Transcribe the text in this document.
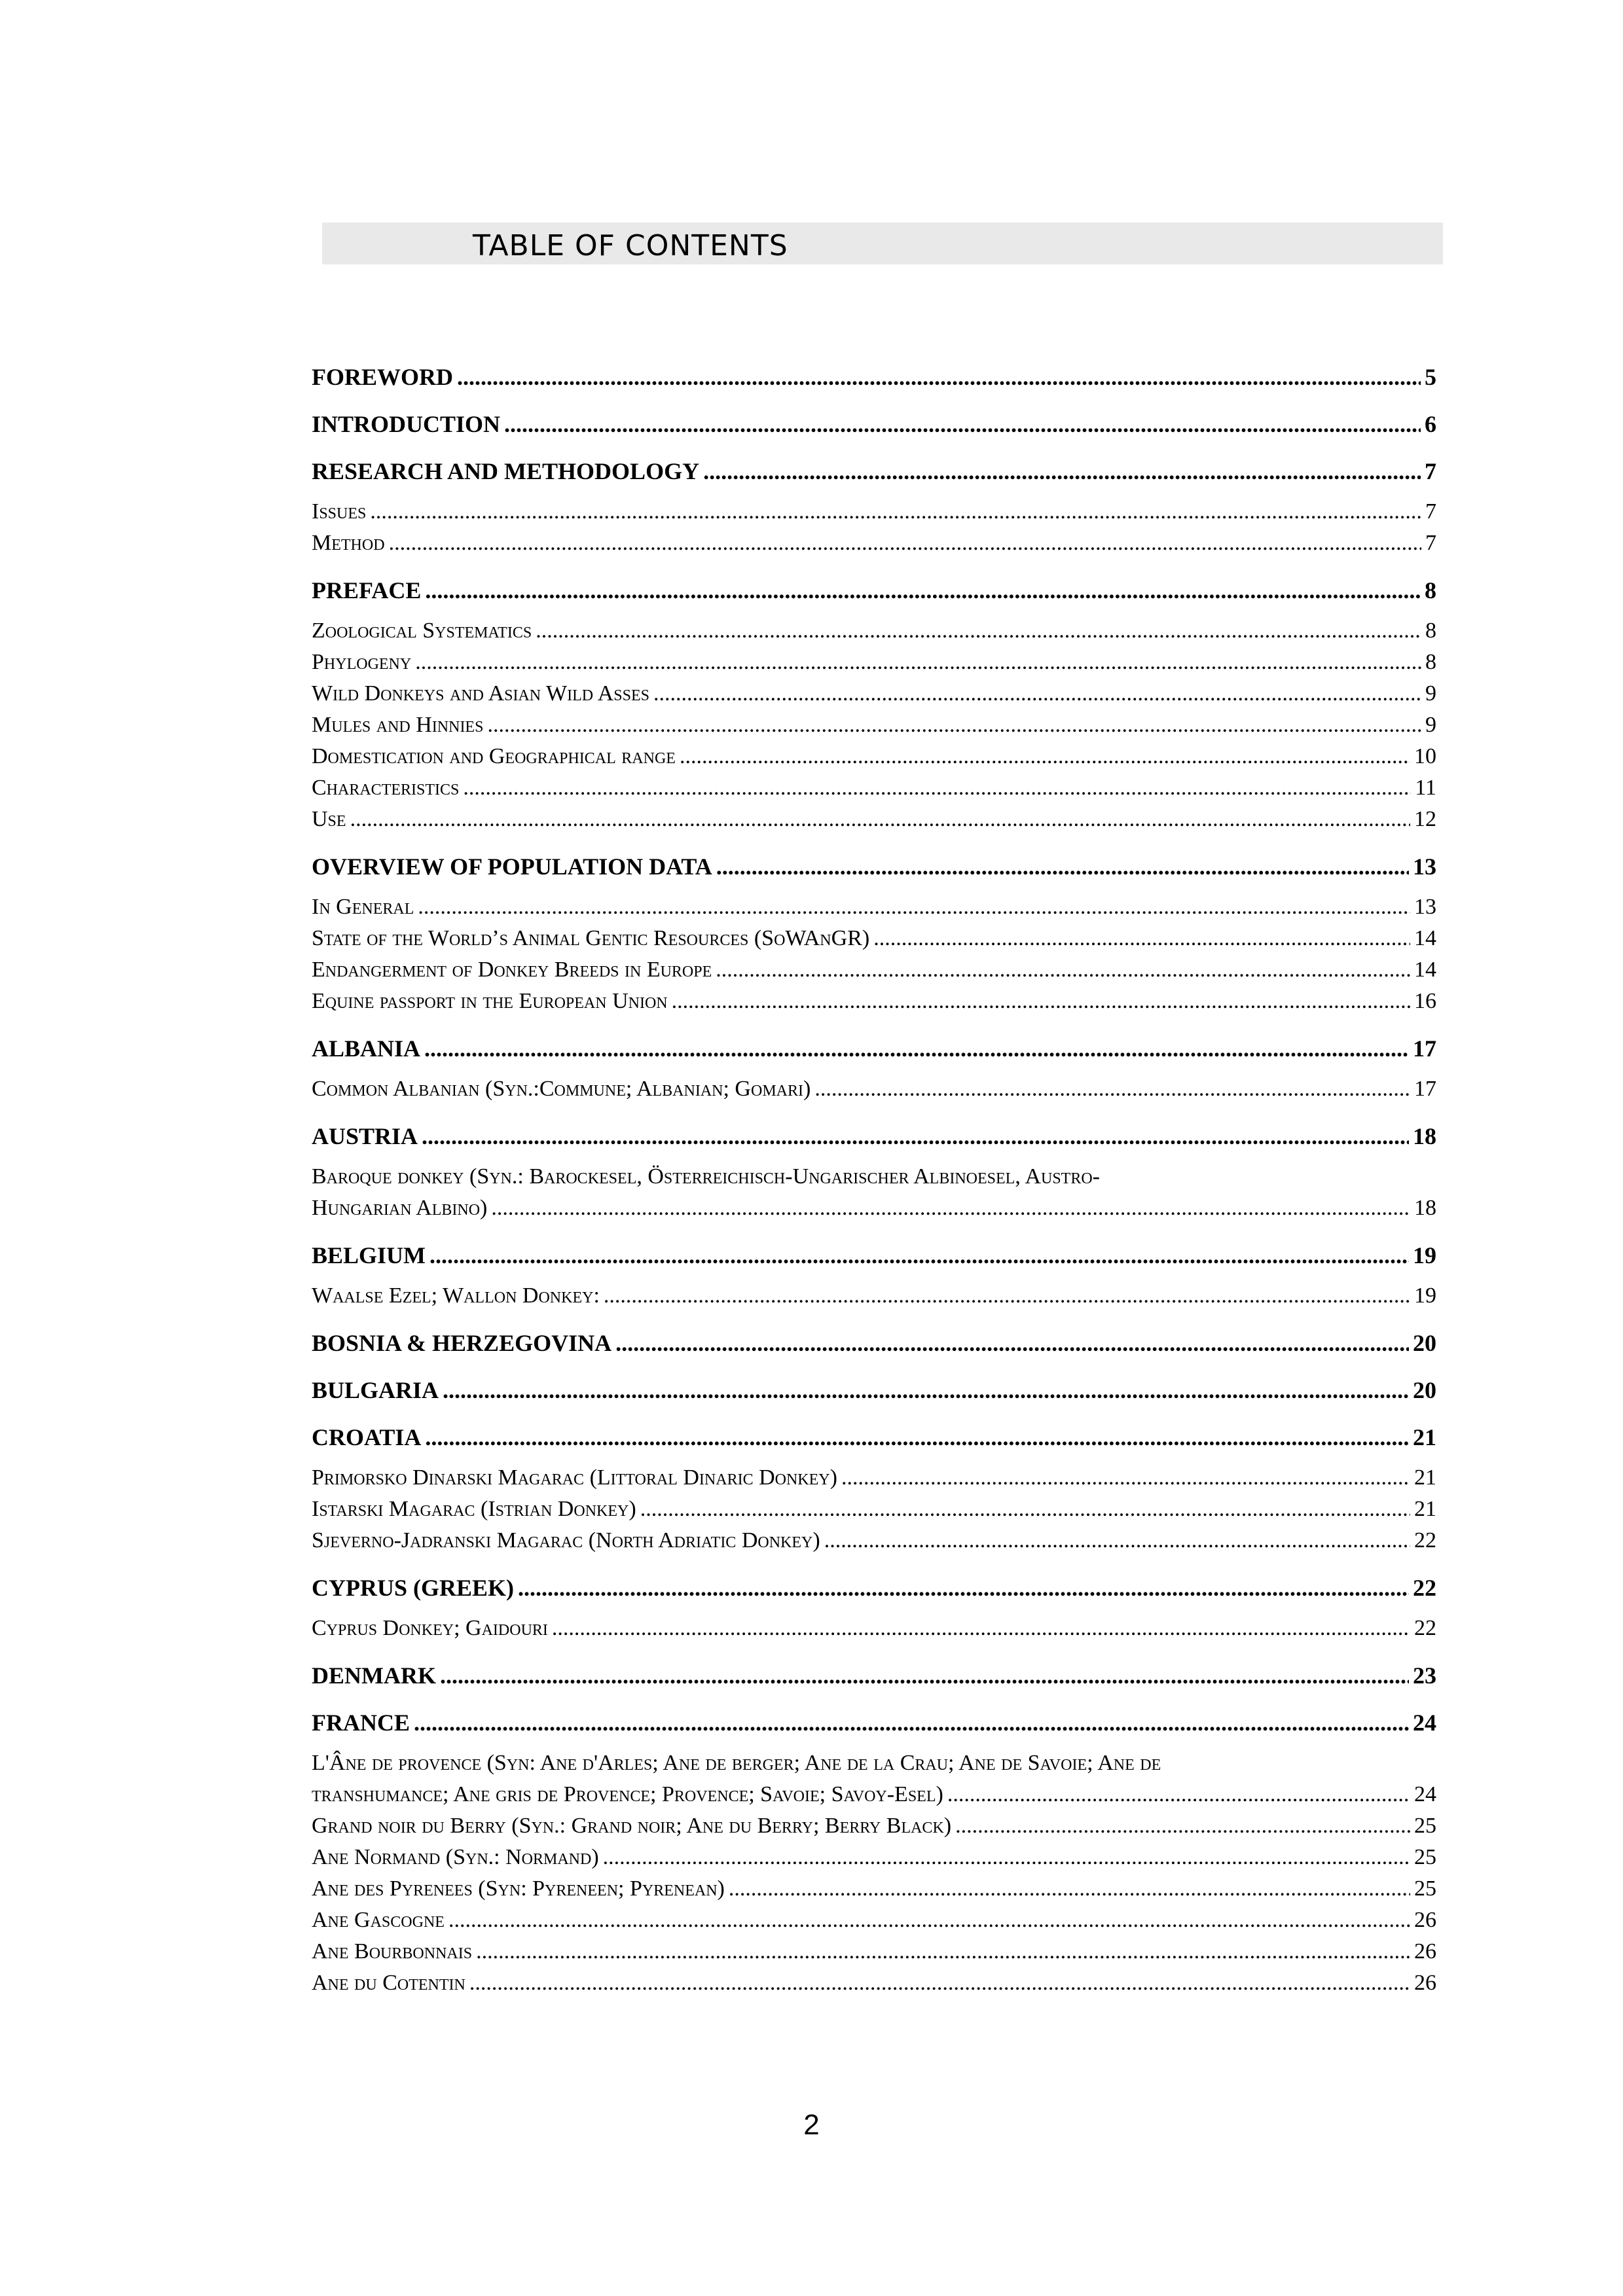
TABLE OF CONTENTS
FOREWORD .....	5
INTRODUCTION .....	6
RESEARCH AND METHODOLOGY .....	7
Issues .....	7
Method .....	7
PREFACE .....	8
Zoological Systematics .....	8
Phylogeny .....	8
Wild Donkeys and Asian Wild Asses .....	9
Mules and Hinnies .....	9
Domestication and Geographical range .....	10
Characteristics .....	11
Use .....	12
OVERVIEW OF POPULATION DATA .....	13
In General .....	13
State of the World’s Animal Gentic Resources (SoWAnGR) .....	14
Endangerment of Donkey Breeds in Europe .....	14
Equine passport in the European Union .....	16
ALBANIA .....	17
Common Albanian (Syn.:Commune; Albanian; Gomari) .....	17
AUSTRIA .....	18
Baroque donkey (Syn.: Barockesel, Österreichisch-Ungarischer Albinoesel, Austro-
Hungarian Albino) .....	18
BELGIUM .....	19
Waalse Ezel; Wallon Donkey: .....	19
BOSNIA & HERZEGOVINA .....	20
BULGARIA .....	20
CROATIA .....	21
Primorsko Dinarski Magarac (Littoral Dinaric Donkey) .....	21
Istarski Magarac (Istrian Donkey) .....	21
Sjeverno-Jadranski Magarac (North Adriatic Donkey) .....	22
CYPRUS (GREEK) .....	22
Cyprus Donkey; Gaidouri .....	22
DENMARK .....	23
FRANCE .....	24
L'Âne de provence (Syn: Ane d'Arles; Ane de berger; Ane de la Crau; Ane de Savoie; Ane de
transhumance; Ane gris de Provence; Provence; Savoie; Savoy-Esel) .....	24
Grand noir du Berry (Syn.: Grand noir; Ane du Berry; Berry Black) .....	25
Ane Normand (Syn.: Normand) .....	25
Ane des Pyrenees (Syn: Pyreneen; Pyrenean) .....	25
Ane Gascogne .....	26
Ane Bourbonnais .....	26
Ane du Cotentin .....	26
2
